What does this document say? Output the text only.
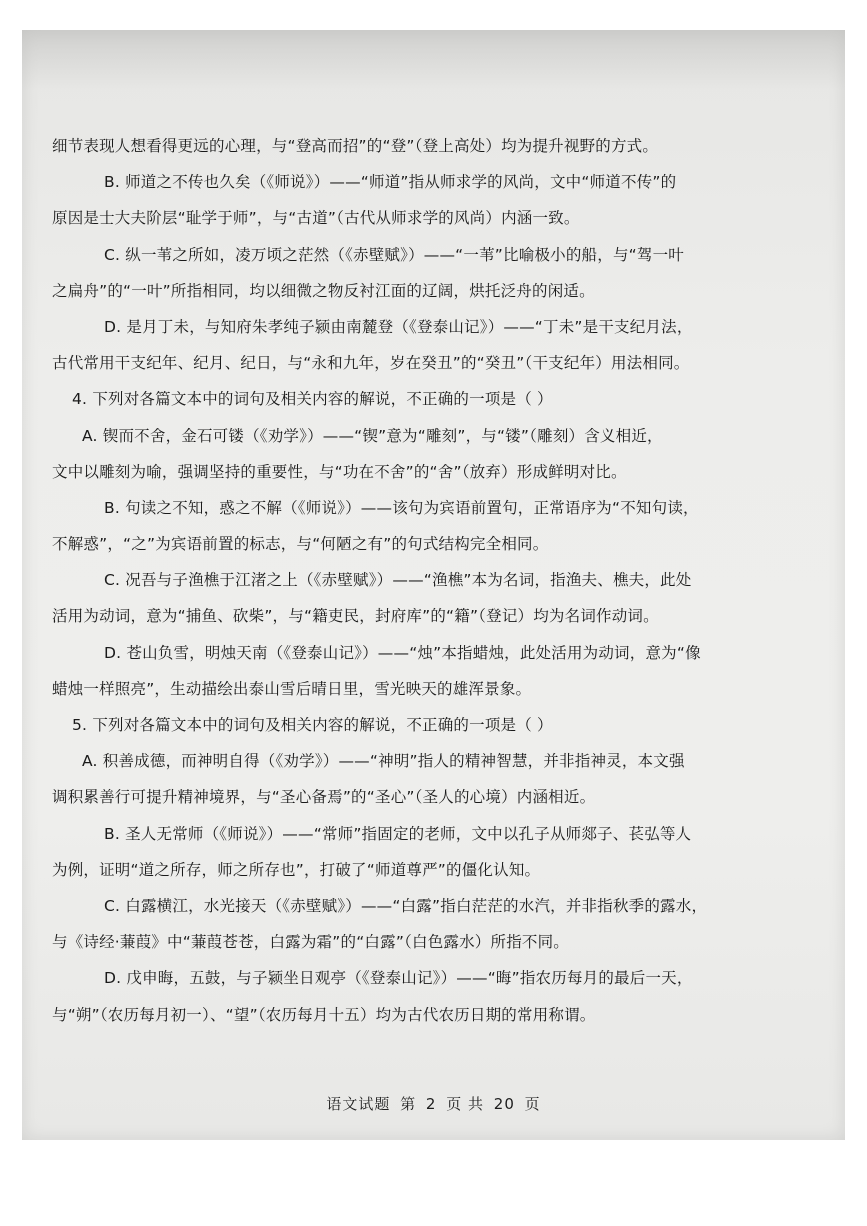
细节表现人想看得更远的心理，与“登高而招”的“登”（登上高处）均为提升视野的方式。
B. 师道之不传也久矣（《师说》）——“师道”指从师求学的风尚，文中“师道不传”的
原因是士大夫阶层“耻学于师”，与“古道”（古代从师求学的风尚）内涵一致。
C. 纵一苇之所如，凌万顷之茫然（《赤壁赋》）——“一苇”比喻极小的船，与“驾一叶
之扁舟”的“一叶”所指相同，均以细微之物反衬江面的辽阔，烘托泛舟的闲适。
D. 是月丁未，与知府朱孝纯子颍由南麓登（《登泰山记》）——“丁未”是干支纪月法，
古代常用干支纪年、纪月、纪日，与“永和九年，岁在癸丑”的“癸丑”（干支纪年）用法相同。
4. 下列对各篇文本中的词句及相关内容的解说，不正确的一项是（ ）
A. 锲而不舍，金石可镂（《劝学》）——“锲”意为“雕刻”，与“镂”（雕刻）含义相近，
文中以雕刻为喻，强调坚持的重要性，与“功在不舍”的“舍”（放弃）形成鲜明对比。
B. 句读之不知，惑之不解（《师说》）——该句为宾语前置句，正常语序为“不知句读，
不解惑”，“之”为宾语前置的标志，与“何陋之有”的句式结构完全相同。
C. 况吾与子渔樵于江渚之上（《赤壁赋》）——“渔樵”本为名词，指渔夫、樵夫，此处
活用为动词，意为“捕鱼、砍柴”，与“籍吏民，封府库”的“籍”（登记）均为名词作动词。
D. 苍山负雪，明烛天南（《登泰山记》）——“烛”本指蜡烛，此处活用为动词，意为“像
蜡烛一样照亮”，生动描绘出泰山雪后晴日里，雪光映天的雄浑景象。
5. 下列对各篇文本中的词句及相关内容的解说，不正确的一项是（ ）
A. 积善成德，而神明自得（《劝学》）——“神明”指人的精神智慧，并非指神灵，本文强
调积累善行可提升精神境界，与“圣心备焉”的“圣心”（圣人的心境）内涵相近。
B. 圣人无常师（《师说》）——“常师”指固定的老师，文中以孔子从师郯子、苌弘等人
为例，证明“道之所存，师之所存也”，打破了“师道尊严”的僵化认知。
C. 白露横江，水光接天（《赤壁赋》）——“白露”指白茫茫的水汽，并非指秋季的露水，
与《诗经·蒹葭》中“蒹葭苍苍，白露为霜”的“白露”（白色露水）所指不同。
D. 戊申晦，五鼓，与子颍坐日观亭（《登泰山记》）——“晦”指农历每月的最后一天，
与“朔”（农历每月初一）、“望”（农历每月十五）均为古代农历日期的常用称谓。
语文试题 第 2 页 共 20 页
